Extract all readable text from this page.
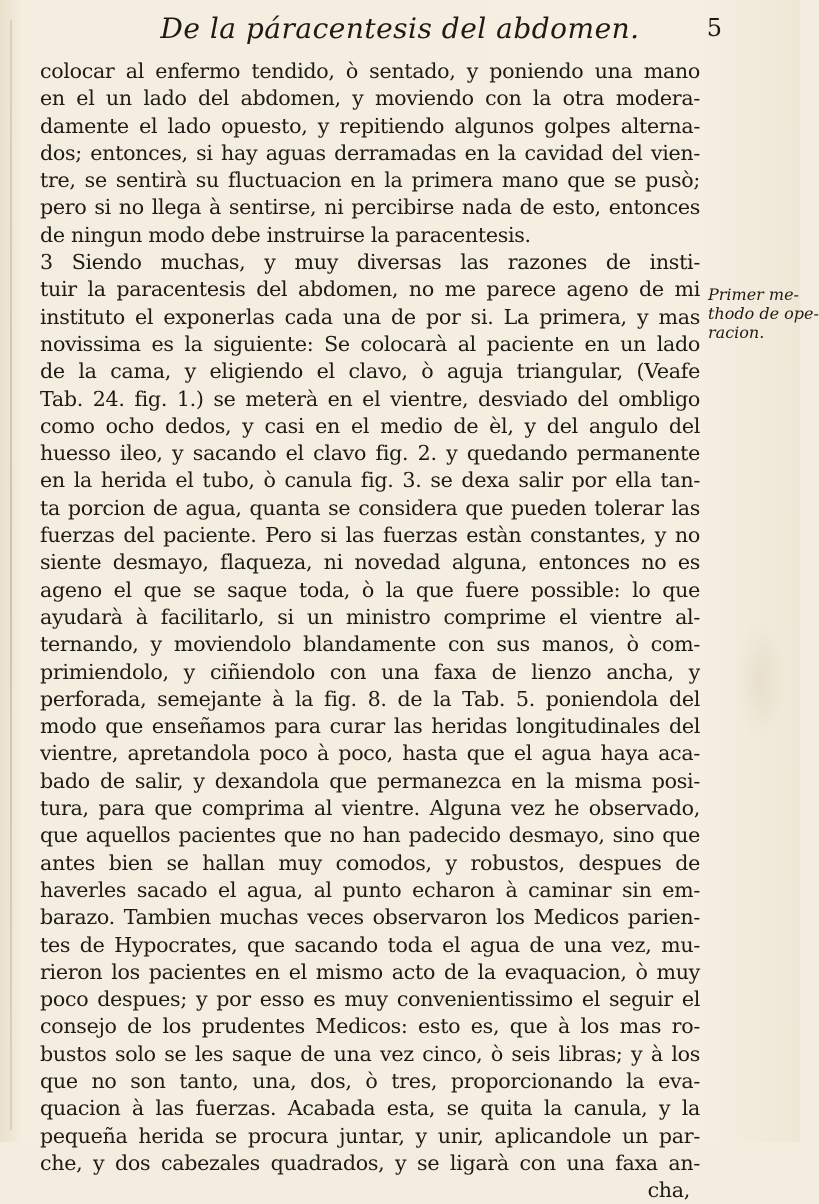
De la páracentesis del abdomen.	5
colocar al enfermo tendido, ò sentado, y poniendo una mano
en el un lado del abdomen, y moviendo con la otra modera-
damente el lado opuesto, y repitiendo algunos golpes alterna-
dos; entonces, si hay aguas derramadas en la cavidad del vien-
tre, se sentirà su fluctuacion en la primera mano que se pusò;
pero si no llega à sentirse, ni percibirse nada de esto, entonces
de ningun modo debe instruirse la paracentesis.
3 Siendo muchas, y muy diversas las razones de insti-
tuir la paracentesis del abdomen, no me parece ageno de mi
instituto el exponerlas cada una de por si. La primera, y mas
novissima es la siguiente: Se colocarà al paciente en un lado
de la cama, y eligiendo el clavo, ò aguja triangular, (Veafe
Tab. 24. fig. 1.) se meterà en el vientre, desviado del ombligo
como ocho dedos, y casi en el medio de èl, y del angulo del
huesso ileo, y sacando el clavo fig. 2. y quedando permanente
en la herida el tubo, ò canula fig. 3. se dexa salir por ella tan-
ta porcion de agua, quanta se considera que pueden tolerar las
fuerzas del paciente. Pero si las fuerzas estàn constantes, y no
siente desmayo, flaqueza, ni novedad alguna, entonces no es
ageno el que se saque toda, ò la que fuere possible: lo que
ayudarà à facilitarlo, si un ministro comprime el vientre al-
ternando, y moviendolo blandamente con sus manos, ò com-
primiendolo, y ciñiendolo con una faxa de lienzo ancha, y
perforada, semejante à la fig. 8. de la Tab. 5. poniendola del
modo que enseñamos para curar las heridas longitudinales del
vientre, apretandola poco à poco, hasta que el agua haya aca-
bado de salir, y dexandola que permanezca en la misma posi-
tura, para que comprima al vientre. Alguna vez he observado,
que aquellos pacientes que no han padecido desmayo, sino que
antes bien se hallan muy comodos, y robustos, despues de
haverles sacado el agua, al punto echaron à caminar sin em-
barazo. Tambien muchas veces observaron los Medicos parien-
tes de Hypocrates, que sacando toda el agua de una vez, mu-
rieron los pacientes en el mismo acto de la evaquacion, ò muy
poco despues; y por esso es muy convenientissimo el seguir el
consejo de los prudentes Medicos: esto es, que à los mas ro-
bustos solo se les saque de una vez cinco, ò seis libras; y à los
que no son tanto, una, dos, ò tres, proporcionando la eva-
quacion à las fuerzas. Acabada esta, se quita la canula, y la
pequeña herida se procura juntar, y unir, aplicandole un par-
che, y dos cabezales quadrados, y se ligarà con una faxa an-
cha,
Primer me-
thodo de ope-
racion.
